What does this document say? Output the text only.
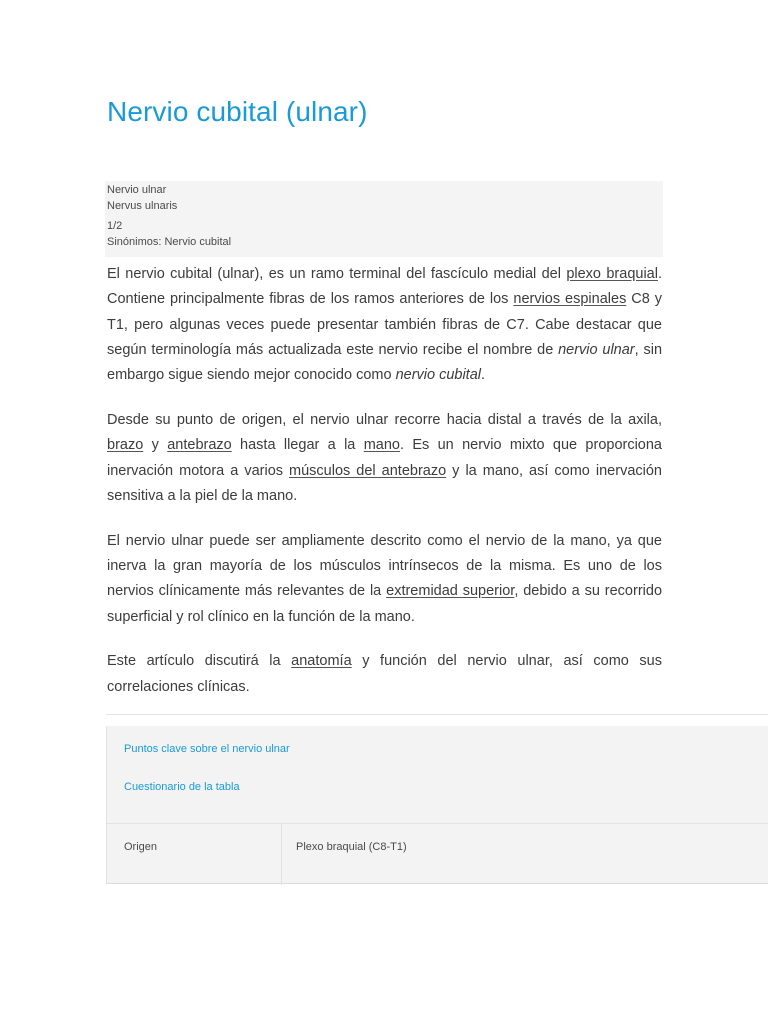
Nervio cubital (ulnar)
Nervio ulnar
Nervus ulnaris
1/2
Sinónimos: Nervio cubital

El nervio cubital (ulnar), es un ramo terminal del fascículo medial del plexo braquial. Contiene principalmente fibras de los ramos anteriores de los nervios espinales C8 y T1, pero algunas veces puede presentar también fibras de C7. Cabe destacar que según terminología más actualizada este nervio recibe el nombre de nervio ulnar, sin embargo sigue siendo mejor conocido como nervio cubital.

Desde su punto de origen, el nervio ulnar recorre hacia distal a través de la axila, brazo y antebrazo hasta llegar a la mano. Es un nervio mixto que proporciona inervación motora a varios músculos del antebrazo y la mano, así como inervación sensitiva a la piel de la mano.

El nervio ulnar puede ser ampliamente descrito como el nervio de la mano, ya que inerva la gran mayoría de los músculos intrínsecos de la misma. Es uno de los nervios clínicamente más relevantes de la extremidad superior, debido a su recorrido superficial y rol clínico en la función de la mano.

Este artículo discutirá la anatomía y función del nervio ulnar, así como sus correlaciones clínicas.

Puntos clave sobre el nervio ulnar
Cuestionario de la tabla
Origen	Plexo braquial (C8-T1)
